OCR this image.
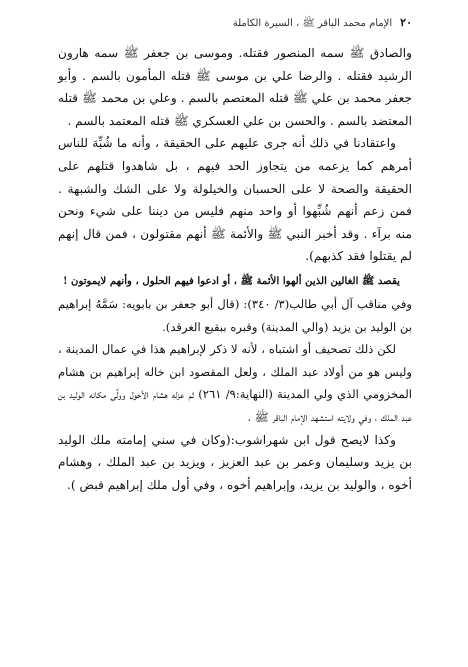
٢٠
الإمام محمد الباقر ﷺ ، السيرة الكاملة

والصادق ﷺ سمه المنصور فقتله. وموسى بن جعفر ﷺ سمه هارون الرشيد فقتله . والرضا علي بن موسى ﷺ قتله المأمون بالسم . وأبو جعفر محمد بن علي ﷺ قتله المعتصم بالسم . وعلي بن محمد ﷺ قتله المعتضد بالسم . والحسن بن علي العسكري ﷺ قتله المعتمد بالسم .

واعتقادنا في ذلك أنه جرى عليهم على الحقيقة ، وأنه ما شُبِّهَ للناس أمرهم كما يزعمه من يتجاوز الحد فيهم ، بل شاهدوا قتلهم على الحقيقة والصحة لا على الحسبان والخيلولة ولا على الشك والشبهة . فمن زعم أنهم شُبِّهوا أو واحد منهم فليس من ديننا على شيء ونحن منه برآء . وقد أخبر النبي ﷺ والأئمة ﷺ أنهم مقتولون ، فمن قال إنهم لم يقتلوا فقد كذبهم).

يقصد ﷺ الغالين الذين ألهوا الأئمة ﷺ ، أو ادعوا فيهم الحلول ، وأنهم لايموتون !

وفي مناقب آل أبي طالب(٣/ ٣٤٠): (قال أبو جعفر بن بابويه: سَمَّهُ إبراهيم بن الوليد بن يزيد (والي المدينة) وقبره ببقيع الغرقد).

لكن ذلك تصحيف أو اشتباه ، لأنه لا ذكر لإبراهيم هذا في عمال المدينة ، وليس هو من أولاد عبد الملك ، ولعل المقصود ابن خاله إبراهيم بن هشام المخزومي الذي ولي المدينة (النهاية:٩/ ٢٦١) ثم عزله هشام الأحول وولَّى مكانه الوليد بن عبد الملك ، وفي ولايته استشهد الإمام الباقر ﷺ .

وكذا لايصح قول ابن شهراشوب:(وكان في سني إمامته ملك الوليد بن يزيد وسليمان وعمر بن عبد العزيز ، ويزيد بن عبد الملك ، وهشام أخوه ، والوليد بن يزيد، وإبراهيم أخوه ، وفي أول ملك إبراهيم قبض ).
